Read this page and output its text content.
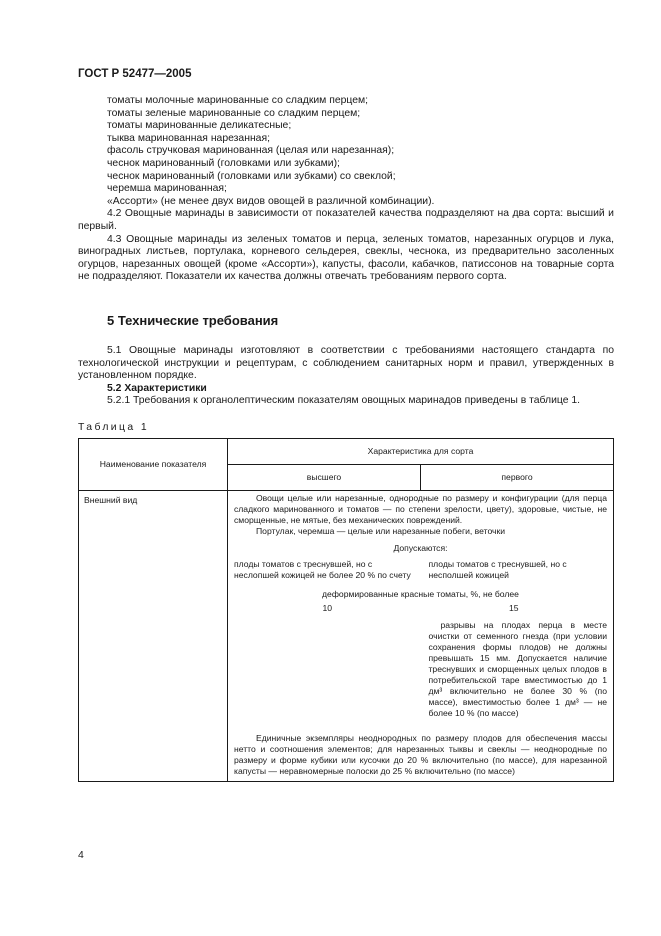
ГОСТ Р 52477—2005
томаты молочные маринованные со сладким перцем;
томаты зеленые маринованные со сладким перцем;
томаты маринованные деликатесные;
тыква маринованная нарезанная;
фасоль стручковая маринованная (целая или нарезанная);
чеснок маринованный (головками или зубками);
чеснок маринованный (головками или зубками) со свеклой;
черемша маринованная;
«Ассорти» (не менее двух видов овощей в различной комбинации).

4.2 Овощные маринады в зависимости от показателей качества подразделяют на два сорта: высший и первый.

4.3 Овощные маринады из зеленых томатов и перца, зеленых томатов, нарезанных огурцов и лука, виноградных листьев, портулака, корневого сельдерея, свеклы, чеснока, из предварительно засоленных огурцов, нарезанных овощей (кроме «Ассорти»), капусты, фасоли, кабачков, патиссонов на товарные сорта не подразделяют. Показатели их качества должны отвечать требованиям первого сорта.

5 Технические требования

5.1 Овощные маринады изготовляют в соответствии с требованиями настоящего стандарта по технологической инструкции и рецептурам, с соблюдением санитарных норм и правил, утвержденных в установленном порядке.

5.2 Характеристики

5.2.1 Требования к органолептическим показателям овощных маринадов приведены в таблице 1.

Таблица 1
Наименование показателя	Характеристика для сорта
высшего	первого
Внешний вид	Овощи целые или нарезанные, однородные по размеру и конфигурации (для перца сладкого маринованного и томатов — по степени зрелости, цвету), здоровые, чистые, не сморщенные, не мятые, без механических повреждений.
Портулак, черемша — целые или нарезанные побеги, веточки
Допускаются:
плоды томатов с треснувшей, но с неслопшей кожицей не более 20 % по счету	плоды томатов с треснувшей, но с несполшей кожицей
деформированные красные томаты, %, не более
10	15
	разрывы на плодах перца в месте очистки от семенного гнезда (при условии сохранения формы плодов) не должны превышать 15 мм. Допускается наличие треснувших и сморщенных целых плодов в потребительской таре вместимостью до 1 дм³ включительно не более 30 % (по массе), вместимостью более 1 дм³ — не более 10 % (по массе)
Единичные экземпляры неоднородных по размеру плодов для обеспечения массы нетто и соотношения элементов; для нарезанных тыквы и свеклы — неоднородные по размеру и форме кубики или кусочки до 20 % включительно (по массе), для нарезанной капусты — неравномерные полоски до 25 % включительно (по массе)
4
